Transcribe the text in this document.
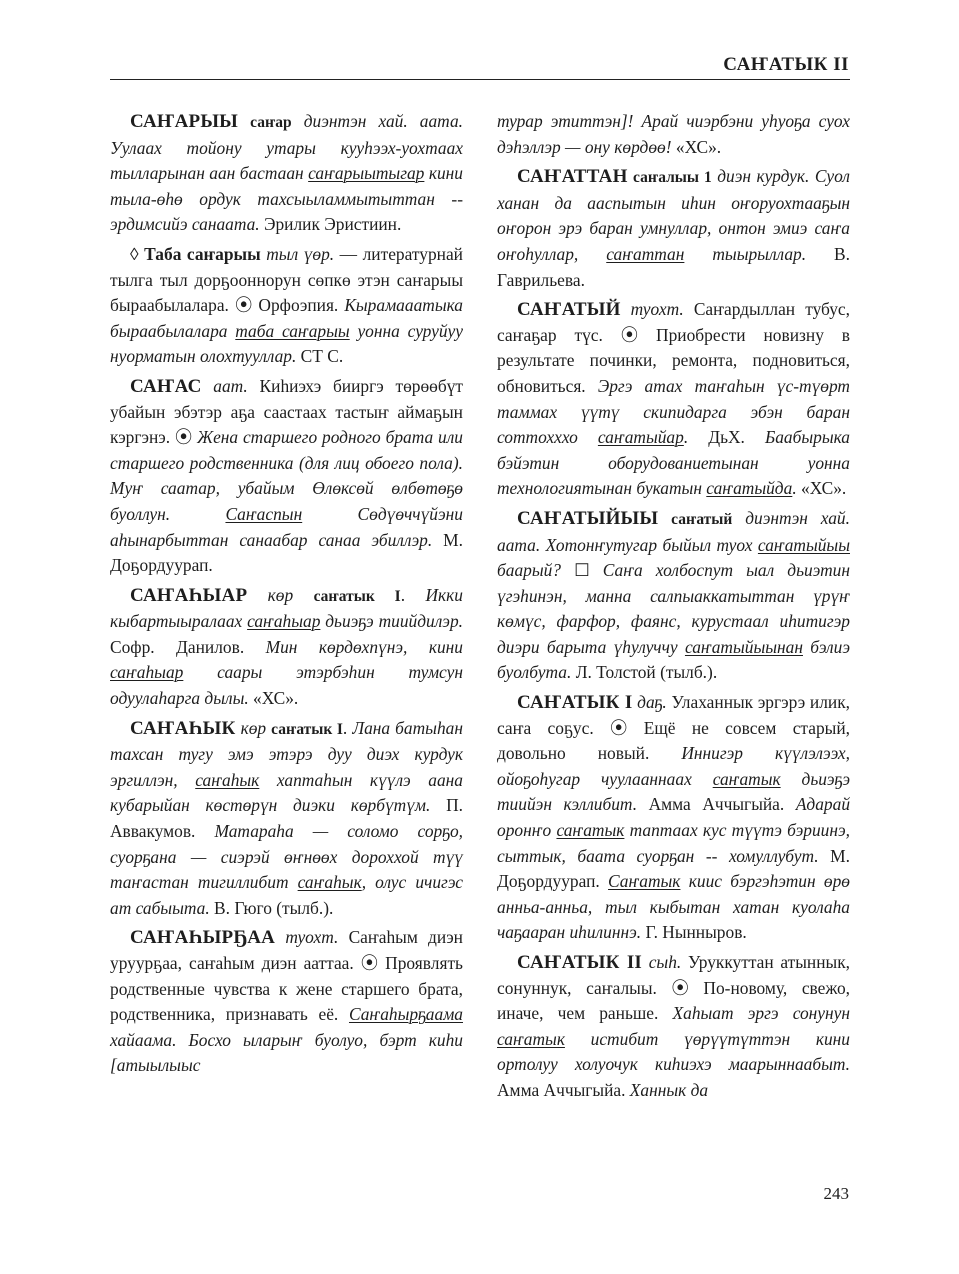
САҤАТЫК II

САҤАРЫЫ саҥар диэнтэн хай. аата. Уулаах тойону утары кууһээх-уохтаах тылларынан аан бастаан саҥарыытыгар кини тыла-өһө ордук тахсыыламмытыттан -- эрдимсийэ санаата. Эрилик Эристиин.

◊ Таба саҥарыы тыл үөр. — литературнай тылга тыл дорҕооннорун сөпкө этэн саҥарыы быраабылалара. ⦿ Орфоэпия. Кырамааатыка быраабылалара таба саҥарыы уонна суруйуу нуорматын олохтууллар. СТ С.

САҤАС аат. Киһиэхэ бииргэ төрөөбүт убайын эбэтэр аҕа саастаах тастыҥ аймаҕын кэргэнэ. ⦿ Жена старшего родного брата или старшего родственника (для лиц обоего пола). Муҥ саатар, убайым Өлөксөй өлбөтөҕө буоллун. Саҥаспын Сөдүөччүйэни аһынарбыттан санаабар санаа эбиллэр. М. Доҕордуурап.

САҤАҺЫАР көр саҥатык I. Икки кыбартыыралаах саҥаһыар дьиэҕэ тиийдилэр. Софр. Данилов. Мин көрдөхпүнэ, кини саҥаһыар саары этэрбэһин тумсун одуулаһарга дылы. «ХС».

САҤАҺЫК көр саҥатык I. Лана батыһан тахсан тугу эмэ этэрэ дуу диэх курдук эргиллэн, саҥаһык хаптаһын күүлэ аана кубарыйан көстөрүн диэки көрбүтүм. П. Аввакумов. Матараһа — соломо сорҕо, суорҕана — сиэрэй өҥнөөх дороххой түү таҥастан тигиллибит саҥаһык, олус ичигэс ат сабыыта. В. Гюго (тылб.).

САҤАҺЫРҔАА туохт. Саҥаһым диэн уруурҕаа, саҥаһым диэн ааттаа. ⦿ Проявлять родственные чувства к жене старшего брата, родственника, признавать её. Саҥаһырҕаама хайаама. Босхо ыларыҥ буолуо, бэрт киһи [атыылыыс

турар этиттэн]! Арай чиэрбэни уһуоҕа суох дэһэллэр — ону көрдөө! «ХС».

САҤАТТАН саҥалыы 1 диэн курдук. Суол ханан да ааспытын иһин оҥоруохтааҕын оҥорон эрэ баран умнуллар, онтон эмиэ саҥа оҥоһуллар, саҥаттан тыырыллар. В. Гаврильева.

САҤАТЫЙ туохт. Саҥардыллан тубус, саҥаҕар түс. ⦿ Приобрести новизну в результате починки, ремонта, подновиться, обновиться. Эргэ атах таҥаһын үс-түөрт таммах үүтү скипидарга эбэн баран соттохххо саҥатыйар. ДьХ. Баабырыка бэйэтин оборудованиетынан уонна технологиятынан букатын саҥатыйда. «ХС».

САҤАТЫЙЫЫ саҥатый диэнтэн хай. аата. Хотонҥутугар быйыл туох саҥатыйыы баарый? ☐ Саҥа холбоспут ыал дьиэтин үгэһинэн, манна салпыаккатыттан үрүҥ көмүс, фарфор, фаянс, курустаал иһитигэр диэри барыта үһулуччу саҥатыйыынан бэлиэ буолбута. Л. Толстой (тылб.).

САҤАТЫК I даҕ. Улаханнык эргэрэ илик, саҥа соҕус. ⦿ Ещё не совсем старый, довольно новый. Иннигэр күүлэлээх, ойоҕоһугар чуулааннаах саҥатык дьиэҕэ тиийэн кэллибит. Амма Аччыгыйа. Адарай оронҥо саҥатык таптаах кус түүтэ бэриинэ, сыттык, баата суорҕан -- хомуллубут. М. Доҕордуурап. Саҥатык киис бэргэһэтин өрө анньа-анньа, тыл кыбытан хатан куолаһа чаҕааран иһилиннэ. Г. Нынныров.

САҤАТЫК II сыһ. Уруккуттан атыннык, сонуннук, саҥалыы. ⦿ По-новому, свежо, иначе, чем раньше. Хаһыат эргэ сонунун саҥатык истибит үөрүүтүттэн кини ортолуу холуочук киһиэхэ маарыннаабыт. Амма Аччыгыйа. Ханнык да

243
